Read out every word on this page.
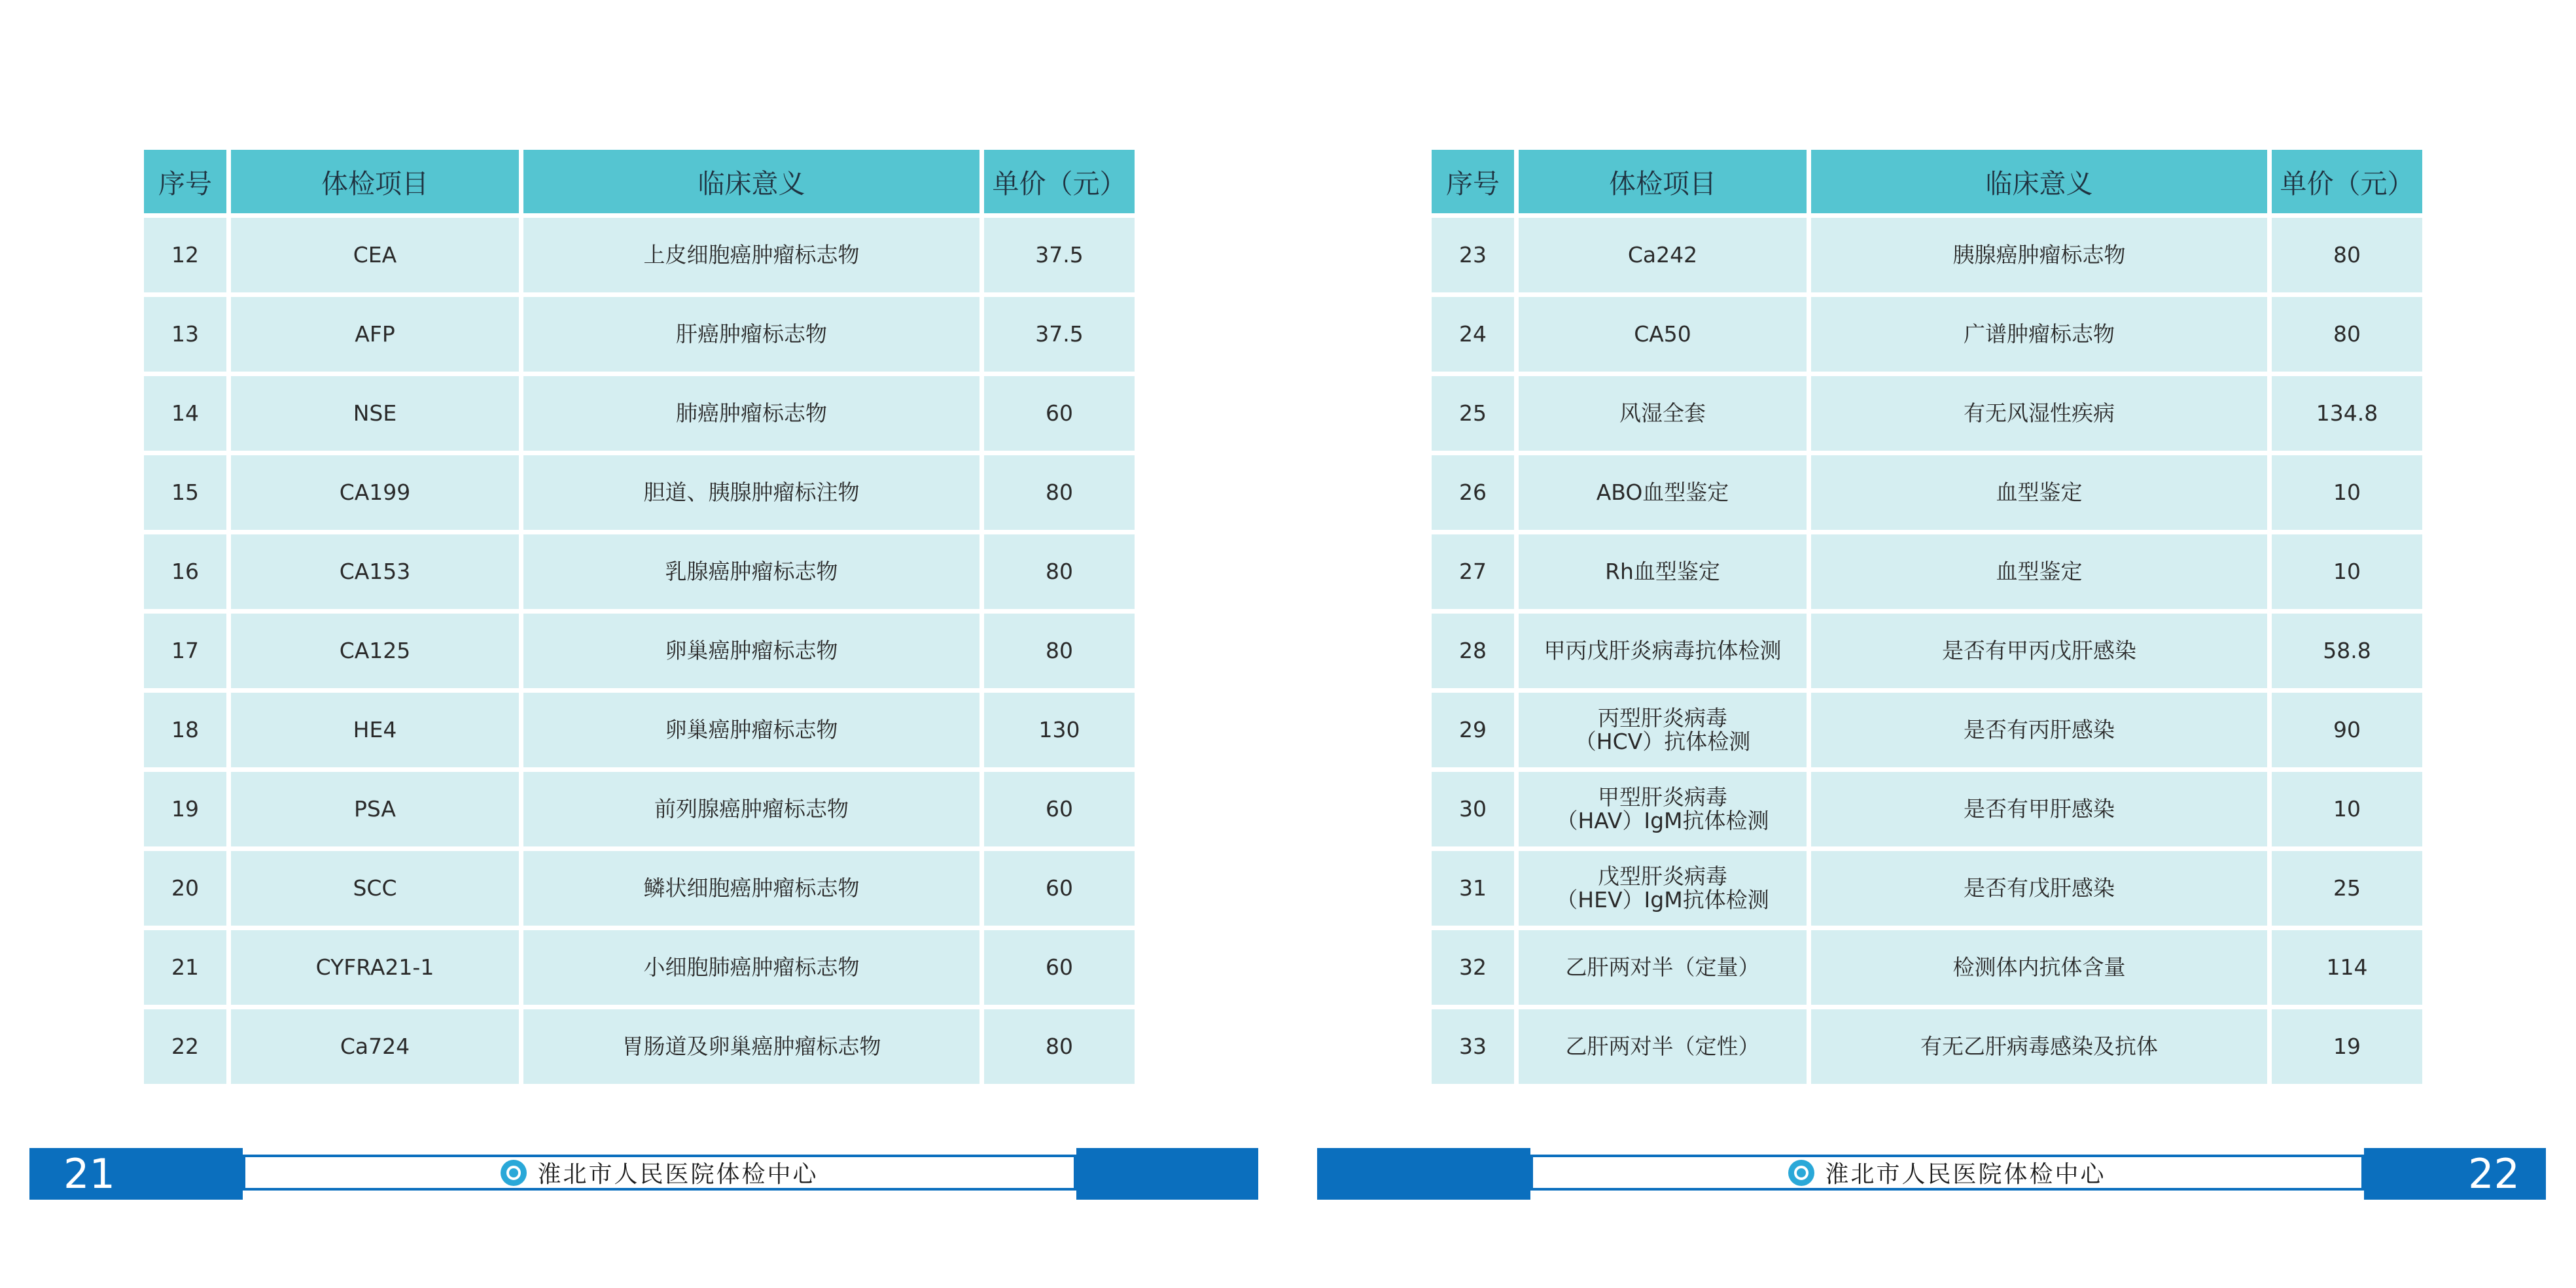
序号	体检项目	临床意义	单价（元）
12	CEA	上皮细胞癌肿瘤标志物	37.5
13	AFP	肝癌肿瘤标志物	37.5
14	NSE	肺癌肿瘤标志物	60
15	CA199	胆道、胰腺肿瘤标注物	80
16	CA153	乳腺癌肿瘤标志物	80
17	CA125	卵巢癌肿瘤标志物	80
18	HE4	卵巢癌肿瘤标志物	130
19	PSA	前列腺癌肿瘤标志物	60
20	SCC	鳞状细胞癌肿瘤标志物	60
21	CYFRA21-1	小细胞肺癌肿瘤标志物	60
22	Ca724	胃肠道及卵巢癌肿瘤标志物	80
21	淮北市人民医院体检中心
序号	体检项目	临床意义	单价（元）
23	Ca242	胰腺癌肿瘤标志物	80
24	CA50	广谱肿瘤标志物	80
25	风湿全套	有无风湿性疾病	134.8
26	ABO血型鉴定	血型鉴定	10
27	Rh血型鉴定	血型鉴定	10
28	甲丙戊肝炎病毒抗体检测	是否有甲丙戊肝感染	58.8
29	丙型肝炎病毒
（HCV）抗体检测	是否有丙肝感染	90
30	甲型肝炎病毒
（HAV）IgM抗体检测	是否有甲肝感染	10
31	戊型肝炎病毒
（HEV）IgM抗体检测	是否有戊肝感染	25
32	乙肝两对半（定量）	检测体内抗体含量	114
33	乙肝两对半（定性）	有无乙肝病毒感染及抗体	19
淮北市人民医院体检中心	22
